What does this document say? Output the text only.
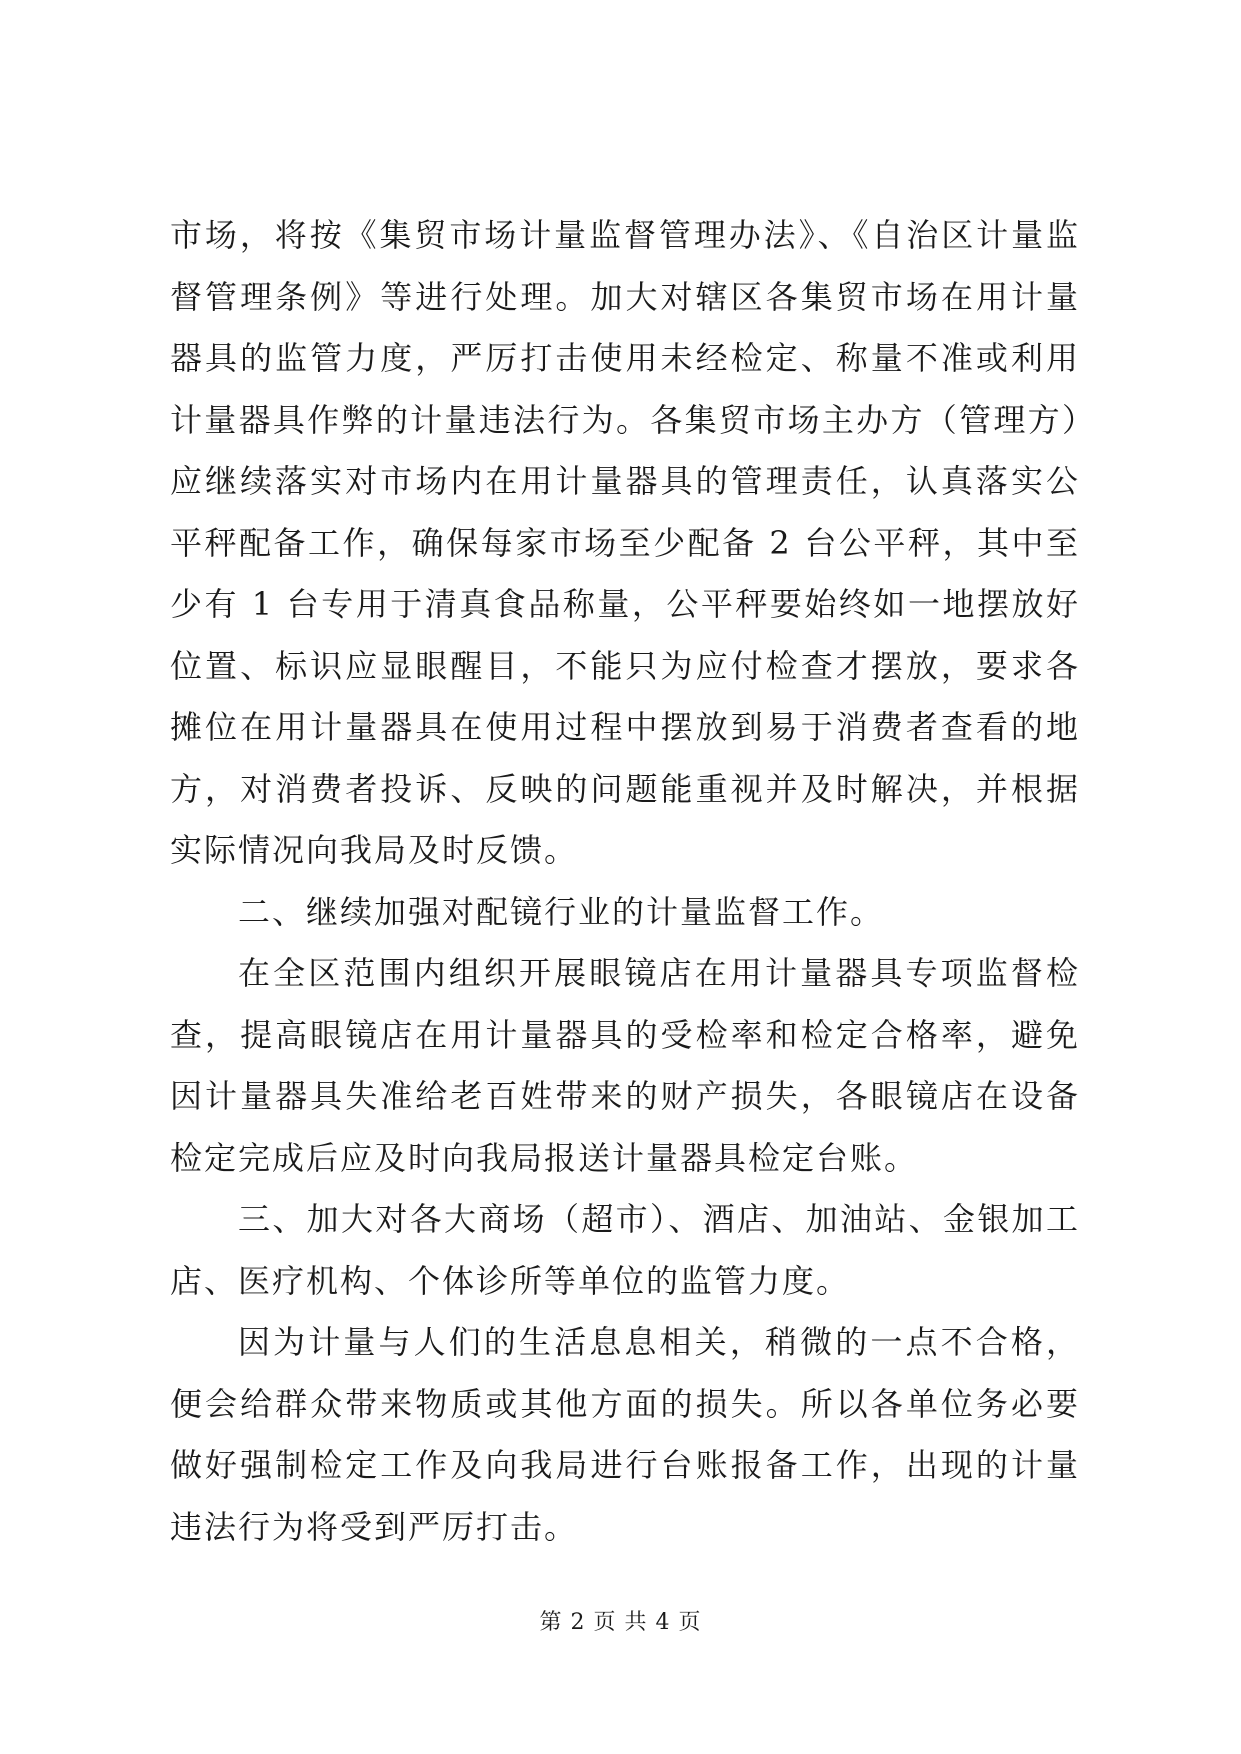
市场，将按《集贸市场计量监督管理办法》、《自治区计量监督管理条例》等进行处理。加大对辖区各集贸市场在用计量器具的监管力度，严厉打击使用未经检定、称量不准或利用计量器具作弊的计量违法行为。各集贸市场主办方（管理方）应继续落实对市场内在用计量器具的管理责任，认真落实公平秤配备工作，确保每家市场至少配备 2 台公平秤，其中至少有 1 台专用于清真食品称量，公平秤要始终如一地摆放好位置、标识应显眼醒目，不能只为应付检查才摆放，要求各摊位在用计量器具在使用过程中摆放到易于消费者查看的地方，对消费者投诉、反映的问题能重视并及时解决，并根据实际情况向我局及时反馈。

二、继续加强对配镜行业的计量监督工作。

在全区范围内组织开展眼镜店在用计量器具专项监督检查，提高眼镜店在用计量器具的受检率和检定合格率，避免因计量器具失准给老百姓带来的财产损失，各眼镜店在设备检定完成后应及时向我局报送计量器具检定台账。

三、加大对各大商场（超市）、酒店、加油站、金银加工店、医疗机构、个体诊所等单位的监管力度。

因为计量与人们的生活息息相关，稍微的一点不合格，便会给群众带来物质或其他方面的损失。所以各单位务必要做好强制检定工作及向我局进行台账报备工作，出现的计量违法行为将受到严厉打击。

第 2 页 共 4 页
